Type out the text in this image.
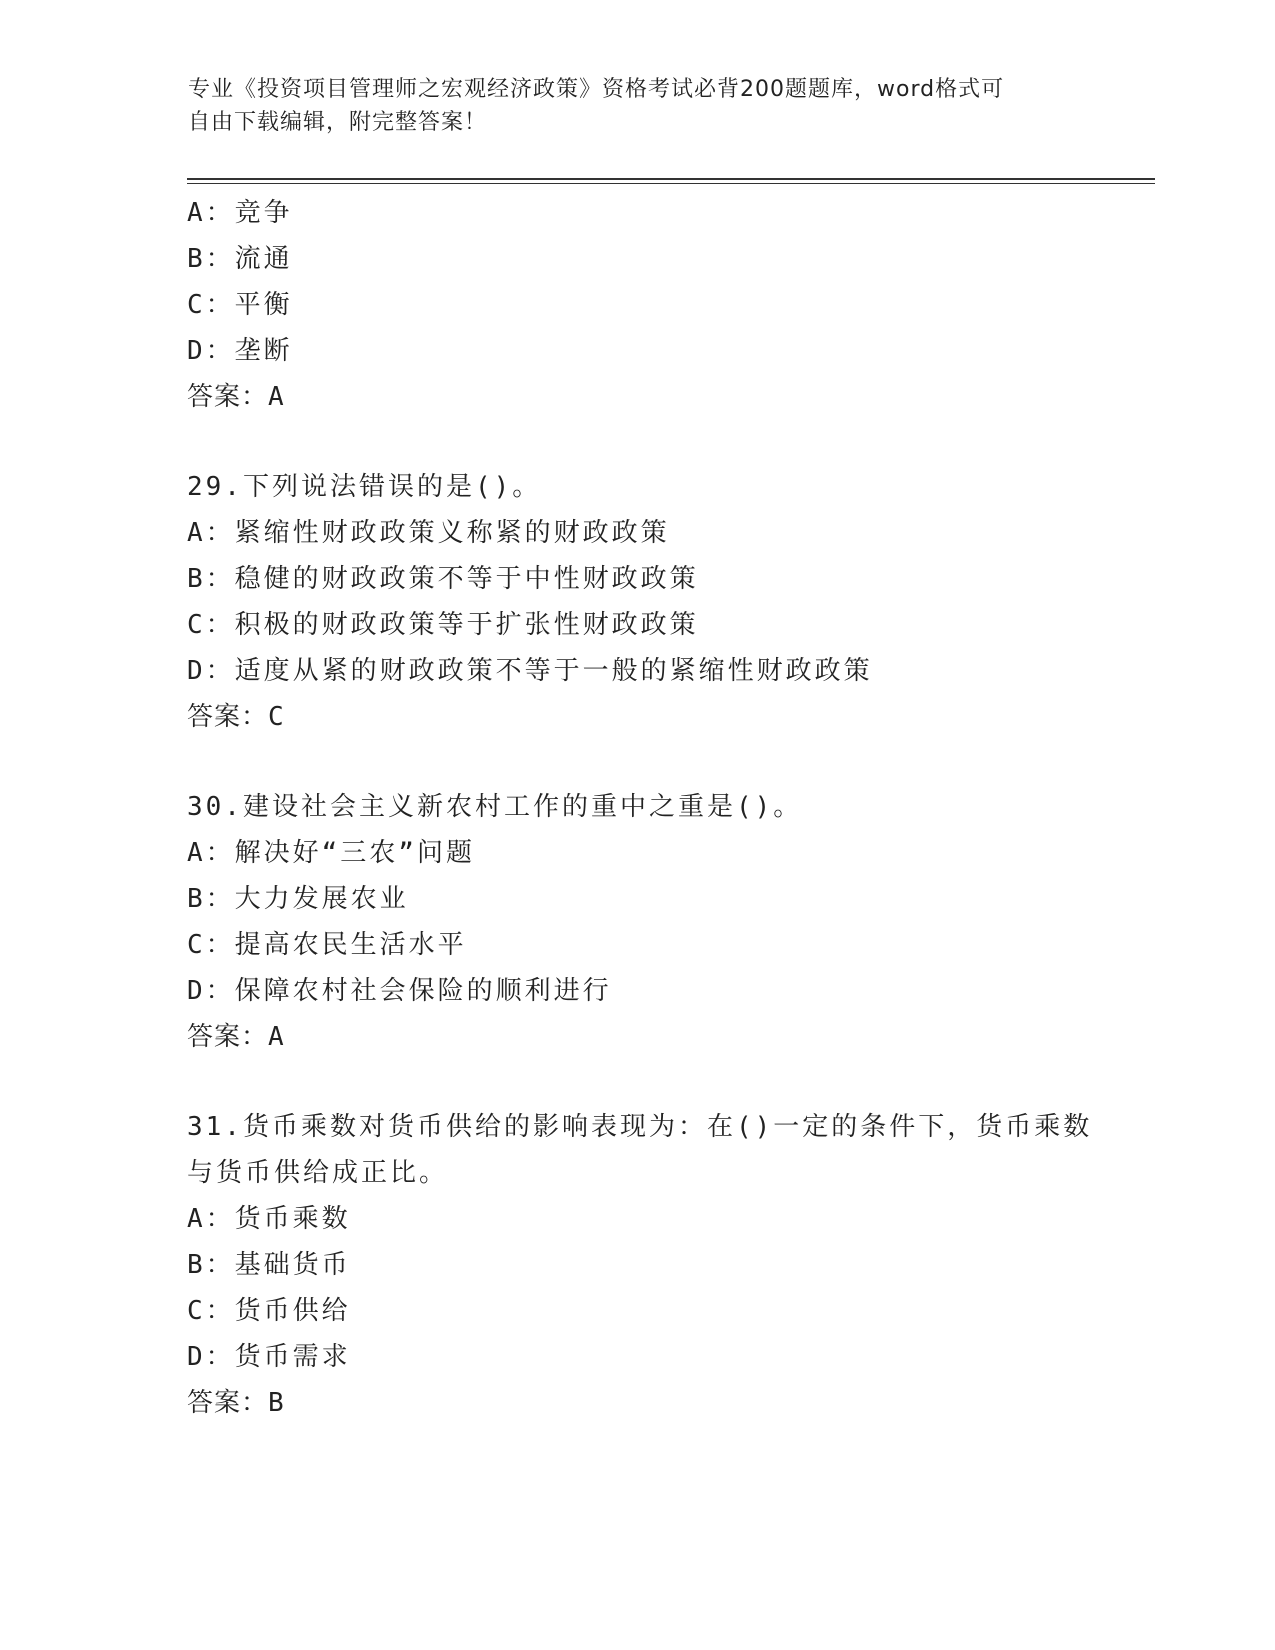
专业《投资项目管理师之宏观经济政策》资格考试必背200题题库，word格式可
自由下载编辑，附完整答案！
A：竞争
B：流通
C：平衡
D：垄断
答案：A
29.下列说法错误的是()。
A：紧缩性财政政策义称紧的财政政策
B：稳健的财政政策不等于中性财政政策
C：积极的财政政策等于扩张性财政政策
D：适度从紧的财政政策不等于一般的紧缩性财政政策
答案：C
30.建设社会主义新农村工作的重中之重是()。
A：解决好“三农”问题
B：大力发展农业
C：提高农民生活水平
D：保障农村社会保险的顺利进行
答案：A
31.货币乘数对货币供给的影响表现为：在()一定的条件下，货币乘数
与货币供给成正比。
A：货币乘数
B：基础货币
C：货币供给
D：货币需求
答案：B
